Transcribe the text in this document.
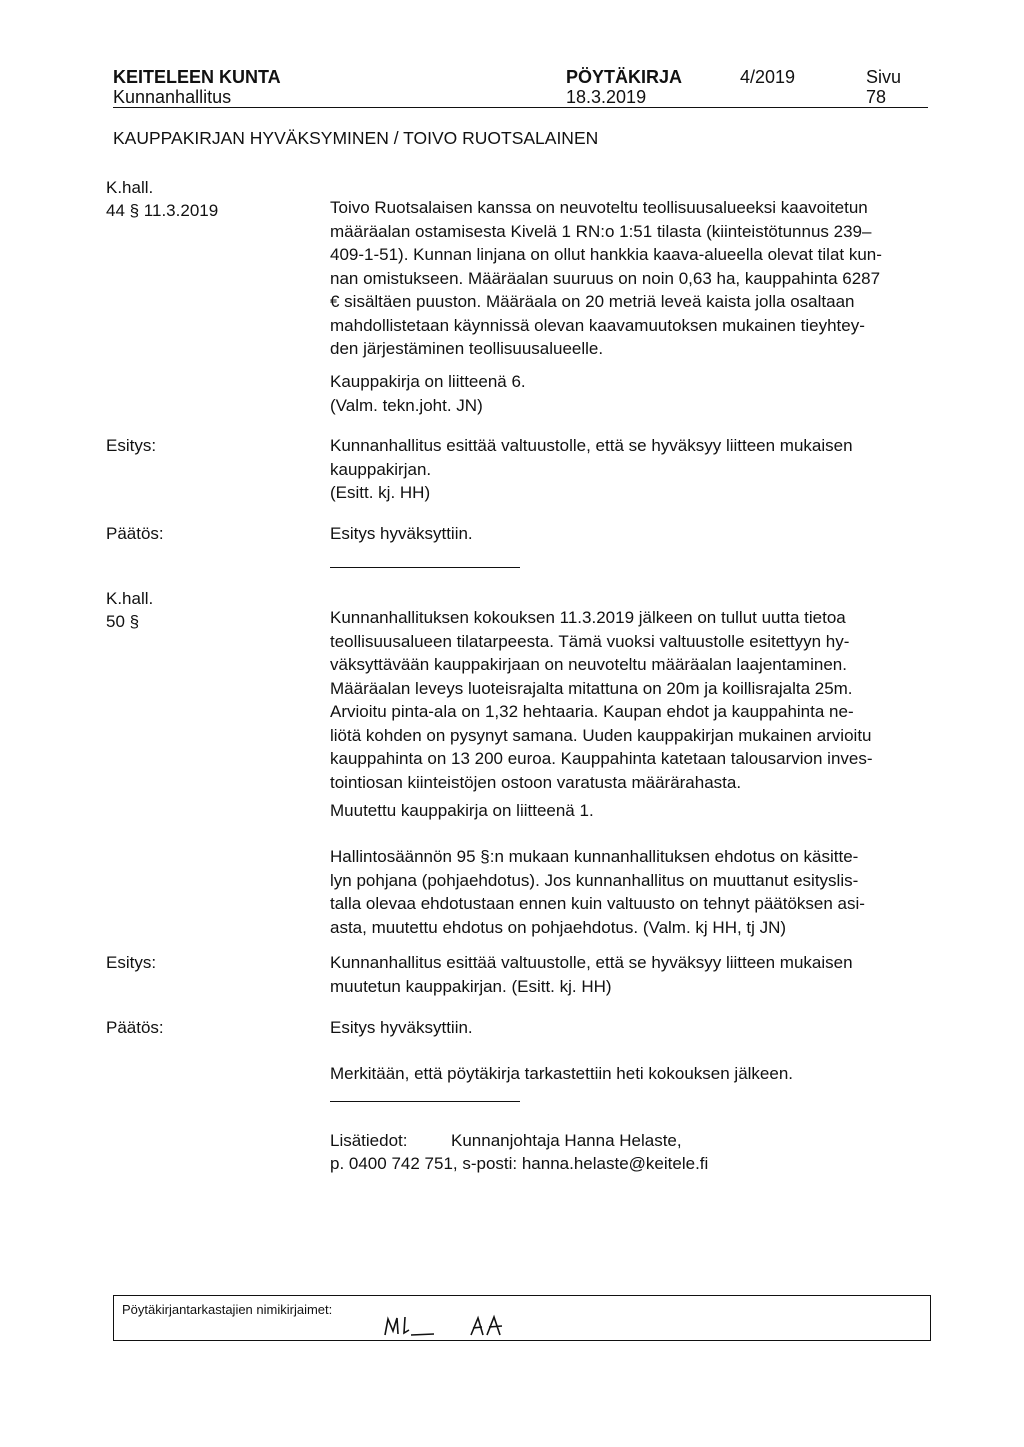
KEITELEEN KUNTA
Kunnanhallitus
PÖYTÄKIRJA
18.3.2019
4/2019	Sivu
78
KAUPPAKIRJAN HYVÄKSYMINEN / TOIVO RUOTSALAINEN
K.hall.
44 § 11.3.2019	Toivo Ruotsalaisen kanssa on neuvoteltu teollisuusalueeksi kaavoitetun

määräalan ostamisesta Kivelä 1 RN:o 1:51 tilasta (kiinteistötunnus 239–

409-1-51). Kunnan linjana on ollut hankkia kaava-alueella olevat tilat kun-

nan omistukseen. Määräalan suuruus on noin 0,63 ha, kauppahinta 6287

€ sisältäen puuston. Määräala on 20 metriä leveä kaista jolla osaltaan

mahdollistetaan käynnissä olevan kaavamuutoksen mukainen tieyhtey-

den järjestäminen teollisuusalueelle.

Kauppakirja on liitteenä 6.

(Valm. tekn.joht. JN)

Esitys:	Kunnanhallitus esittää valtuustolle, että se hyväksyy liitteen mukaisen

kauppakirjan.

(Esitt. kj. HH)

Päätös:	Esitys hyväksyttiin.
K.hall.
50 §	Kunnanhallituksen kokouksen 11.3.2019 jälkeen on tullut uutta tietoa

teollisuusalueen tilatarpeesta. Tämä vuoksi valtuustolle esitettyyn hy-

väksyttävään kauppakirjaan on neuvoteltu määräalan laajentaminen.

Määräalan leveys luoteisrajalta mitattuna on 20m ja koillisrajalta 25m.

Arvioitu pinta-ala on 1,32 hehtaaria. Kaupan ehdot ja kauppahinta ne-

liötä kohden on pysynyt samana. Uuden kauppakirjan mukainen arvioitu

kauppahinta on 13 200 euroa. Kauppahinta katetaan talousarvion inves-

tointiosan kiinteistöjen ostoon varatusta määrärahasta.

Muutettu kauppakirja on liitteenä 1.

Hallintosäännön 95 §:n mukaan kunnanhallituksen ehdotus on käsitte-

lyn pohjana (pohjaehdotus). Jos kunnanhallitus on muuttanut esityslis-

talla olevaa ehdotustaan ennen kuin valtuusto on tehnyt päätöksen asi-

asta, muutettu ehdotus on pohjaehdotus. (Valm. kj HH, tj JN)

Esitys:	Kunnanhallitus esittää valtuustolle, että se hyväksyy liitteen mukaisen

muutetun kauppakirjan. (Esitt. kj. HH)

Päätös:	Esitys hyväksyttiin.
Merkitään, että pöytäkirja tarkastettiin heti kokouksen jälkeen.
Lisätiedot:	Kunnanjohtaja Hanna Helaste,
p. 0400 742 751, s-posti: hanna.helaste@keitele.fi
Pöytäkirjantarkastajien nimikirjaimet:
